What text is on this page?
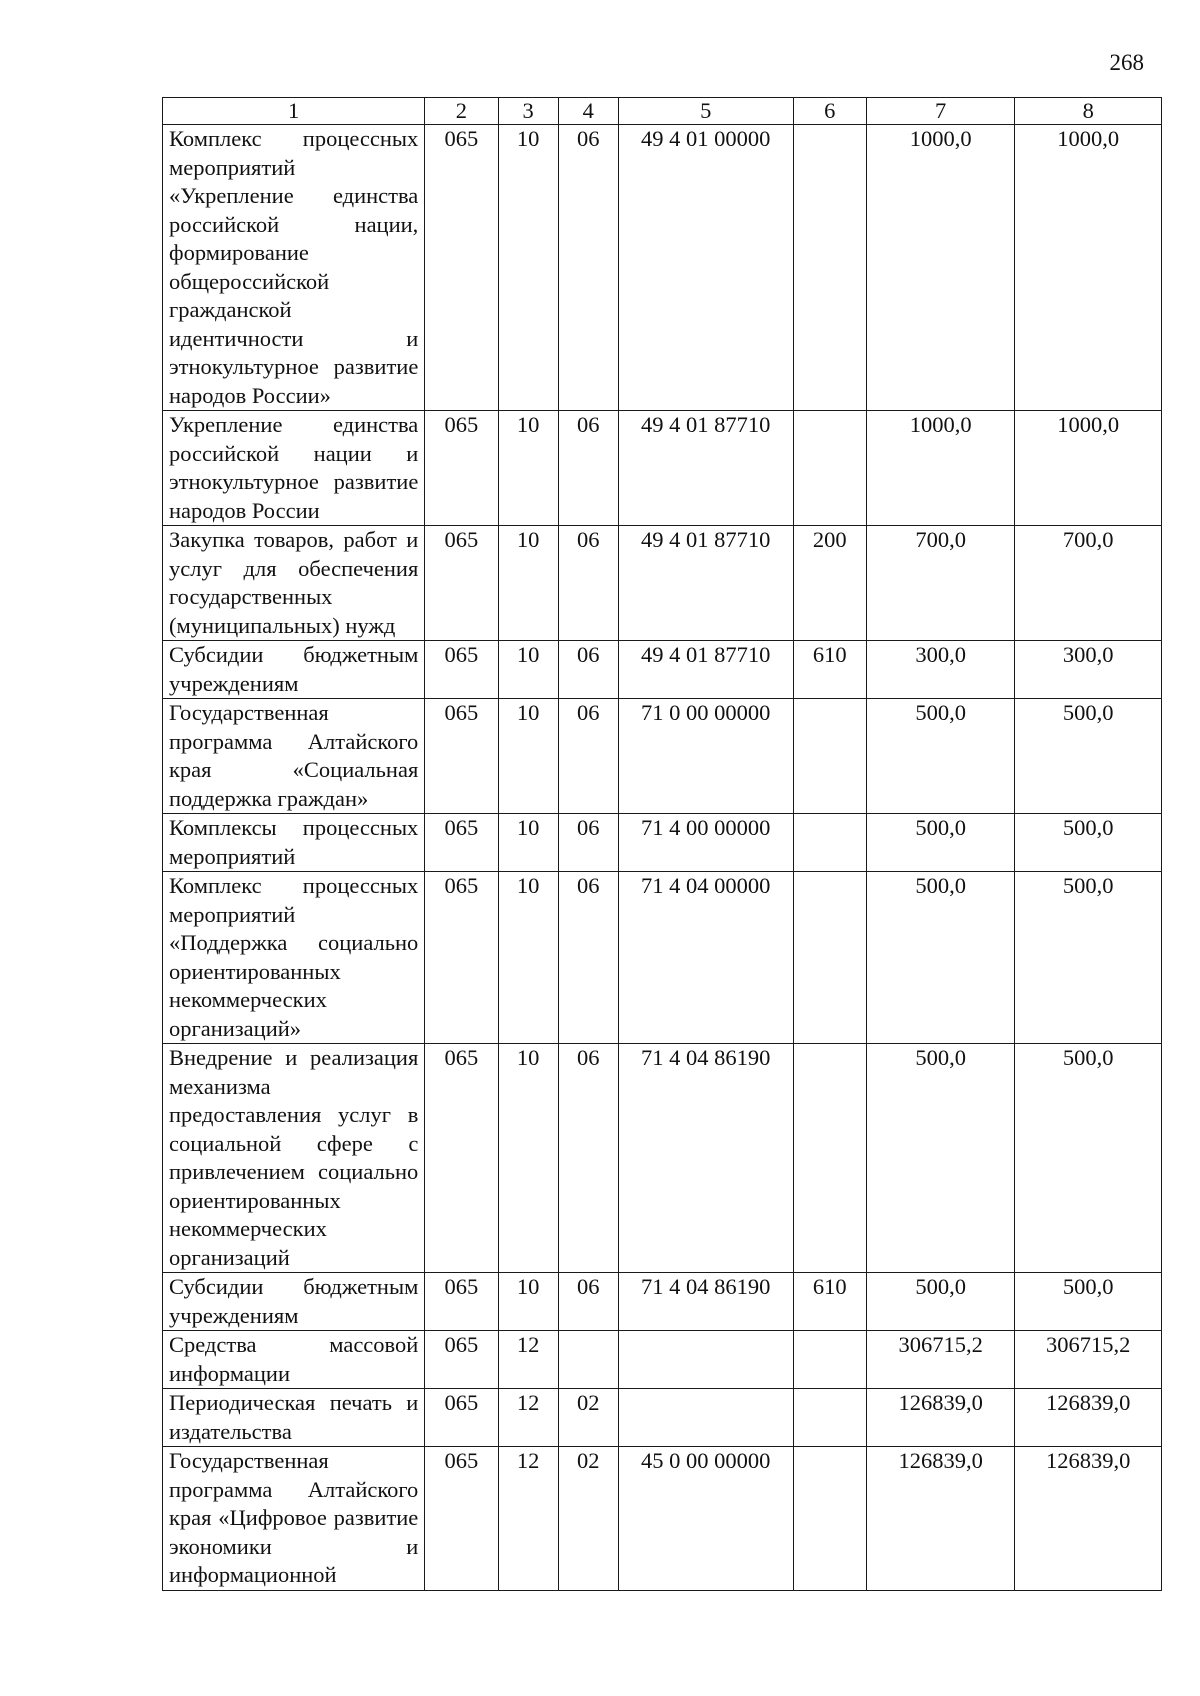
268
1	2	3	4	5	6	7	8
Комплекс процессных мероприятий «Укрепление единства российской нации, формирование общероссийской гражданской идентичности и этнокультурное развитие народов России»	065	10	06	49 4 01 00000		1000,0	1000,0
Укрепление единства российской нации и этнокультурное развитие народов России	065	10	06	49 4 01 87710		1000,0	1000,0
Закупка товаров, работ и услуг для обеспечения государственных (муниципальных) нужд	065	10	06	49 4 01 87710	200	700,0	700,0
Субсидии бюджетным учреждениям	065	10	06	49 4 01 87710	610	300,0	300,0
Государственная программа Алтайского края «Социальная поддержка граждан»	065	10	06	71 0 00 00000		500,0	500,0
Комплексы процессных мероприятий	065	10	06	71 4 00 00000		500,0	500,0
Комплекс процессных мероприятий «Поддержка социально ориентированных некоммерческих организаций»	065	10	06	71 4 04 00000		500,0	500,0
Внедрение и реализация механизма предоставления услуг в социальной сфере с привлечением социально ориентированных некоммерческих организаций	065	10	06	71 4 04 86190		500,0	500,0
Субсидии бюджетным учреждениям	065	10	06	71 4 04 86190	610	500,0	500,0
Средства массовой информации	065	12				306715,2	306715,2
Периодическая печать и издательства	065	12	02			126839,0	126839,0
Государственная программа Алтайского края «Цифровое развитие экономики и информационной	065	12	02	45 0 00 00000		126839,0	126839,0
